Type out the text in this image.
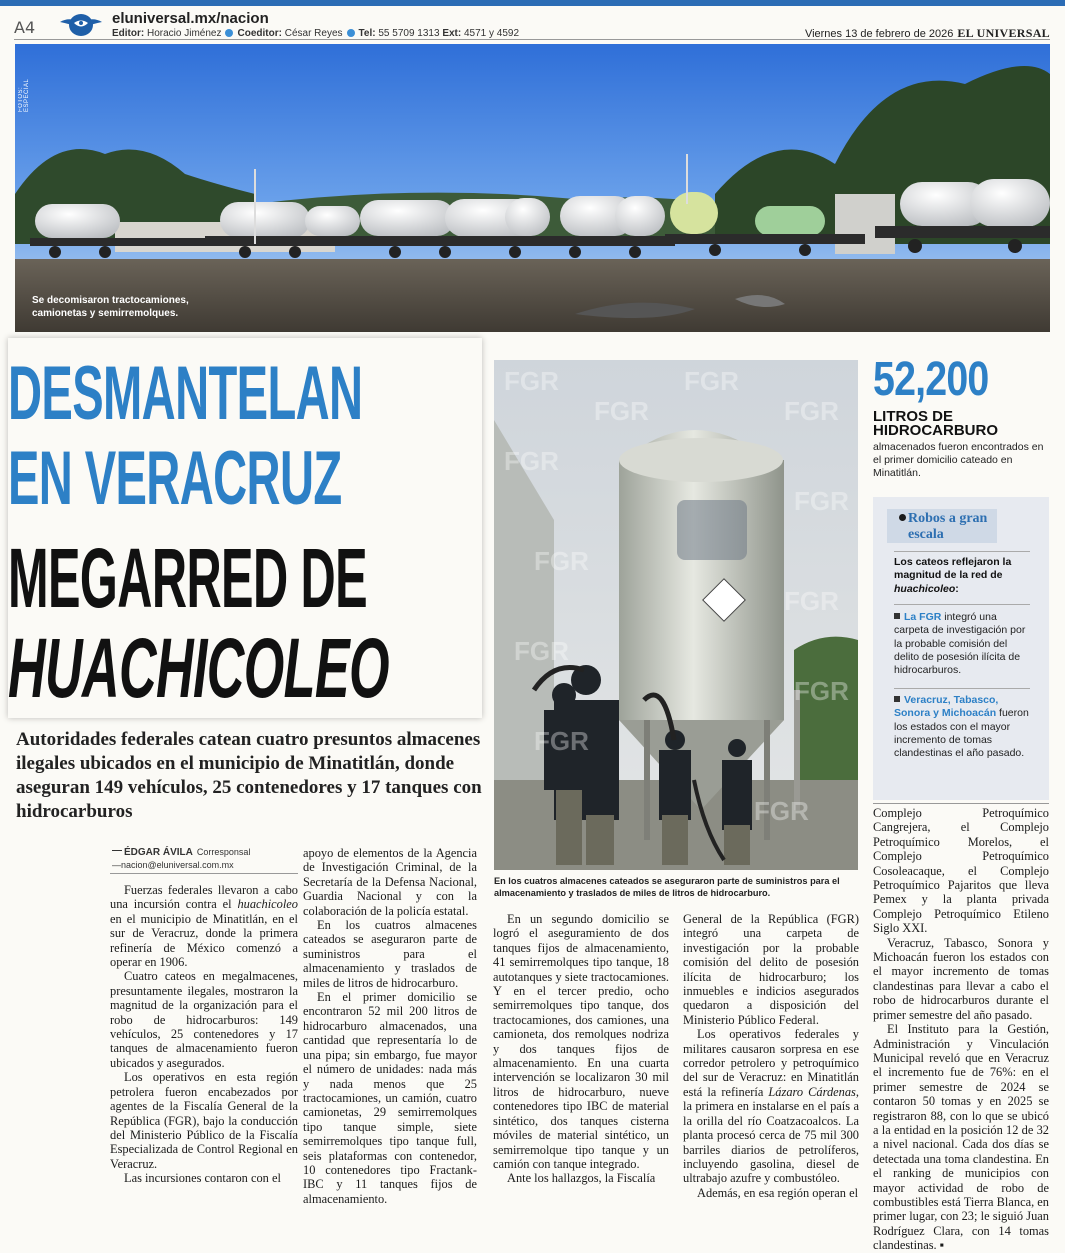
A4	eluniversal.mx/nacion
Editor: Horacio Jiménez Coeditor: César Reyes Tel: 55 5709 1313 Ext: 4571 y 4592	Viernes 13 de febrero de 2026 EL UNIVERSAL
FOTOS: ESPECIAL
Se decomisaron tractocamiones, camionetas y semirremolques.
DESMANTELAN
EN VERACRUZ
MEGARRED DE
HUACHICOLEO
Autoridades federales catean cuatro presuntos almacenes ilegales ubicados en el municipio de Minatitlán, donde aseguran 149 vehículos, 25 contenedores y 17 tanques con hidrocarburos
ÉDGAR ÁVILA Corresponsal
—nacion@eluniversal.com.mx

Fuerzas federales llevaron a cabo una incursión contra el huachicoleo en el municipio de Minatitlán, en el sur de Veracruz, donde la primera refinería de México comenzó a operar en 1906.

Cuatro cateos en megalmacenes, presuntamente ilegales, mostraron la magnitud de la organización para el robo de hidrocarburos: 149 vehículos, 25 contenedores y 17 tanques de almacenamiento fueron ubicados y asegurados.

Los operativos en esta región petrolera fueron encabezados por agentes de la Fiscalía General de la República (FGR), bajo la conducción del Ministerio Público de la Fiscalía Especializada de Control Regional en Veracruz.

Las incursiones contaron con el

apoyo de elementos de la Agencia de Investigación Criminal, de la Secretaría de la Defensa Nacional, Guardia Nacional y con la colaboración de la policía estatal.

En los cuatros almacenes cateados se aseguraron parte de suministros para el almacenamiento y traslados de miles de litros de hidrocarburo.

En el primer domicilio se encontraron 52 mil 200 litros de hidrocarburo almacenados, una cantidad que representaría lo de una pipa; sin embargo, fue mayor el número de unidades: nada más y nada menos que 25 tractocamiones, un camión, cuatro camionetas, 29 semirremolques tipo tanque simple, siete semirremolques tipo tanque full, seis plataformas con contenedor, 10 contenedores tipo Fractank-IBC y 11 tanques fijos de almacenamiento.

FGR	FGR
FGR	FGR
FGR
FGR
FGR
FGR
FGR
FGR
FGR
FGR
En los cuatros almacenes cateados se aseguraron parte de suministros para el almacenamiento y traslados de miles de litros de hidrocarburo.

En un segundo domicilio se logró el aseguramiento de dos tanques fijos de almacenamiento, 41 semirremolques tipo tanque, 18 autotanques y siete tractocamiones. Y en el tercer predio, ocho semirremolques tipo tanque, dos tractocamiones, dos camiones, una camioneta, dos remolques nodriza y dos tanques fijos de almacenamiento. En una cuarta intervención se localizaron 30 mil litros de hidrocarburo, nueve contenedores tipo IBC de material sintético, dos tanques cisterna móviles de material sintético, un semirremolque tipo tanque y un camión con tanque integrado.

Ante los hallazgos, la Fiscalía

General de la República (FGR) integró una carpeta de investigación por la probable comisión del delito de posesión ilícita de hidrocarburo; los inmuebles e indicios asegurados quedaron a disposición del Ministerio Público Federal.

Los operativos federales y militares causaron sorpresa en ese corredor petrolero y petroquímico del sur de Veracruz: en Minatitlán está la refinería Lázaro Cárdenas, la primera en instalarse en el país a la orilla del río Coatzacoalcos. La planta procesó cerca de 75 mil 300 barriles diarios de petrolíferos, incluyendo gasolina, diesel de ultrabajo azufre y combustóleo.

Además, en esa región operan el

52,200
LITROS DE HIDROCARBURO
almacenados fueron encontrados en el primer domicilio cateado en Minatitlán.
Robos a gran escala
Los cateos reflejaron la magnitud de la red de huachicoleo:
La FGR integró una carpeta de investigación por la probable comisión del delito de posesión ilícita de hidrocarburos.
Veracruz, Tabasco, Sonora y Michoacán fueron los estados con el mayor incremento de tomas clandestinas el año pasado.

Complejo Petroquímico Cangrejera, el Complejo Petroquímico Morelos, el Complejo Petroquímico Cosoleacaque, el Complejo Petroquímico Pajaritos que lleva Pemex y la planta privada Complejo Petroquímico Etileno Siglo XXI.

Veracruz, Tabasco, Sonora y Michoacán fueron los estados con el mayor incremento de tomas clandestinas para llevar a cabo el robo de hidrocarburos durante el primer semestre del año pasado.

El Instituto para la Gestión, Administración y Vinculación Municipal reveló que en Veracruz el incremento fue de 76%: en el primer semestre de 2024 se contaron 50 tomas y en 2025 se registraron 88, con lo que se ubicó a la entidad en la posición 12 de 32 a nivel nacional. Cada dos días se detectada una toma clandestina. En el ranking de municipios con mayor actividad de robo de combustibles está Tierra Blanca, en primer lugar, con 23; le siguió Juan Rodríguez Clara, con 14 tomas clandestinas. ▪
